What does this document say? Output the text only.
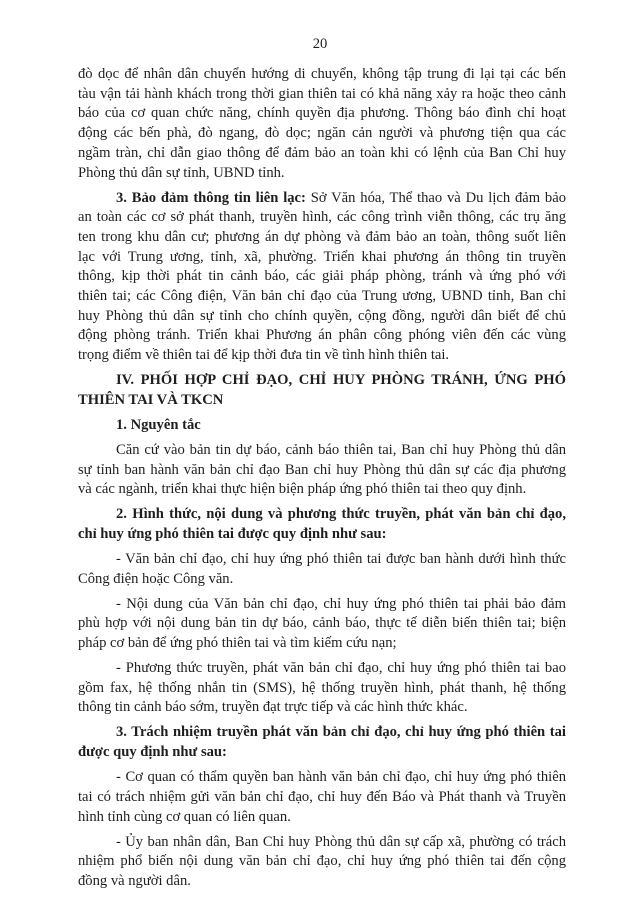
20
đò dọc để nhân dân chuyển hướng di chuyển, không tập trung đi lại tại các bến
tàu vận tải hành khách trong thời gian thiên tai có khả năng xảy ra hoặc theo cảnh
báo của cơ quan chức năng, chính quyền địa phương. Thông báo đình chỉ hoạt
động các bến phà, đò ngang, đò dọc; ngăn cản người và phương tiện qua các
ngầm tràn, chỉ dẫn giao thông để đảm bảo an toàn khi có lệnh của Ban Chỉ huy
Phòng thủ dân sự tỉnh, UBND tỉnh.
3. Bảo đảm thông tin liên lạc: Sở Văn hóa, Thể thao và Du lịch đảm bảo
an toàn các cơ sở phát thanh, truyền hình, các công trình viễn thông, các trụ ăng
ten trong khu dân cư; phương án dự phòng và đảm bảo an toàn, thông suốt liên
lạc với Trung ương, tỉnh, xã, phường. Triển khai phương án thông tin truyền
thông, kịp thời phát tin cảnh báo, các giải pháp phòng, tránh và ứng phó với
thiên tai; các Công điện, Văn bản chỉ đạo của Trung ương, UBND tỉnh, Ban chỉ
huy Phòng thủ dân sự tỉnh cho chính quyền, cộng đồng, người dân biết để chủ
động phòng tránh. Triển khai Phương án phân công phóng viên đến các vùng
trọng điểm về thiên tai để kịp thời đưa tin về tình hình thiên tai.
IV. PHỐI HỢP CHỈ ĐẠO, CHỈ HUY PHÒNG TRÁNH, ỨNG PHÓ
THIÊN TAI VÀ TKCN
1. Nguyên tắc
Căn cứ vào bản tin dự báo, cảnh báo thiên tai, Ban chỉ huy Phòng thủ dân
sự tỉnh ban hành văn bản chỉ đạo Ban chỉ huy Phòng thủ dân sự các địa phương
và các ngành, triển khai thực hiện biện pháp ứng phó thiên tai theo quy định.
2. Hình thức, nội dung và phương thức truyền, phát văn bản chỉ đạo,
chỉ huy ứng phó thiên tai được quy định như sau:
- Văn bản chỉ đạo, chỉ huy ứng phó thiên tai được ban hành dưới hình thức
Công điện hoặc Công văn.
- Nội dung của Văn bản chỉ đạo, chỉ huy ứng phó thiên tai phải bảo đảm
phù hợp với nội dung bản tin dự báo, cảnh báo, thực tế diễn biến thiên tai; biện
pháp cơ bản để ứng phó thiên tai và tìm kiếm cứu nạn;
- Phương thức truyền, phát văn bản chỉ đạo, chỉ huy ứng phó thiên tai bao
gồm fax, hệ thống nhắn tin (SMS), hệ thống truyền hình, phát thanh, hệ thống
thông tin cảnh báo sớm, truyền đạt trực tiếp và các hình thức khác.
3. Trách nhiệm truyền phát văn bản chỉ đạo, chỉ huy ứng phó thiên tai
được quy định như sau:
- Cơ quan có thẩm quyền ban hành văn bản chỉ đạo, chỉ huy ứng phó thiên
tai có trách nhiệm gửi văn bản chỉ đạo, chỉ huy đến Báo và Phát thanh và Truyền
hình tỉnh cùng cơ quan có liên quan.
- Ủy ban nhân dân, Ban Chỉ huy Phòng thủ dân sự cấp xã, phường có trách
nhiệm phổ biến nội dung văn bản chỉ đạo, chỉ huy ứng phó thiên tai đến cộng
đồng và người dân.
